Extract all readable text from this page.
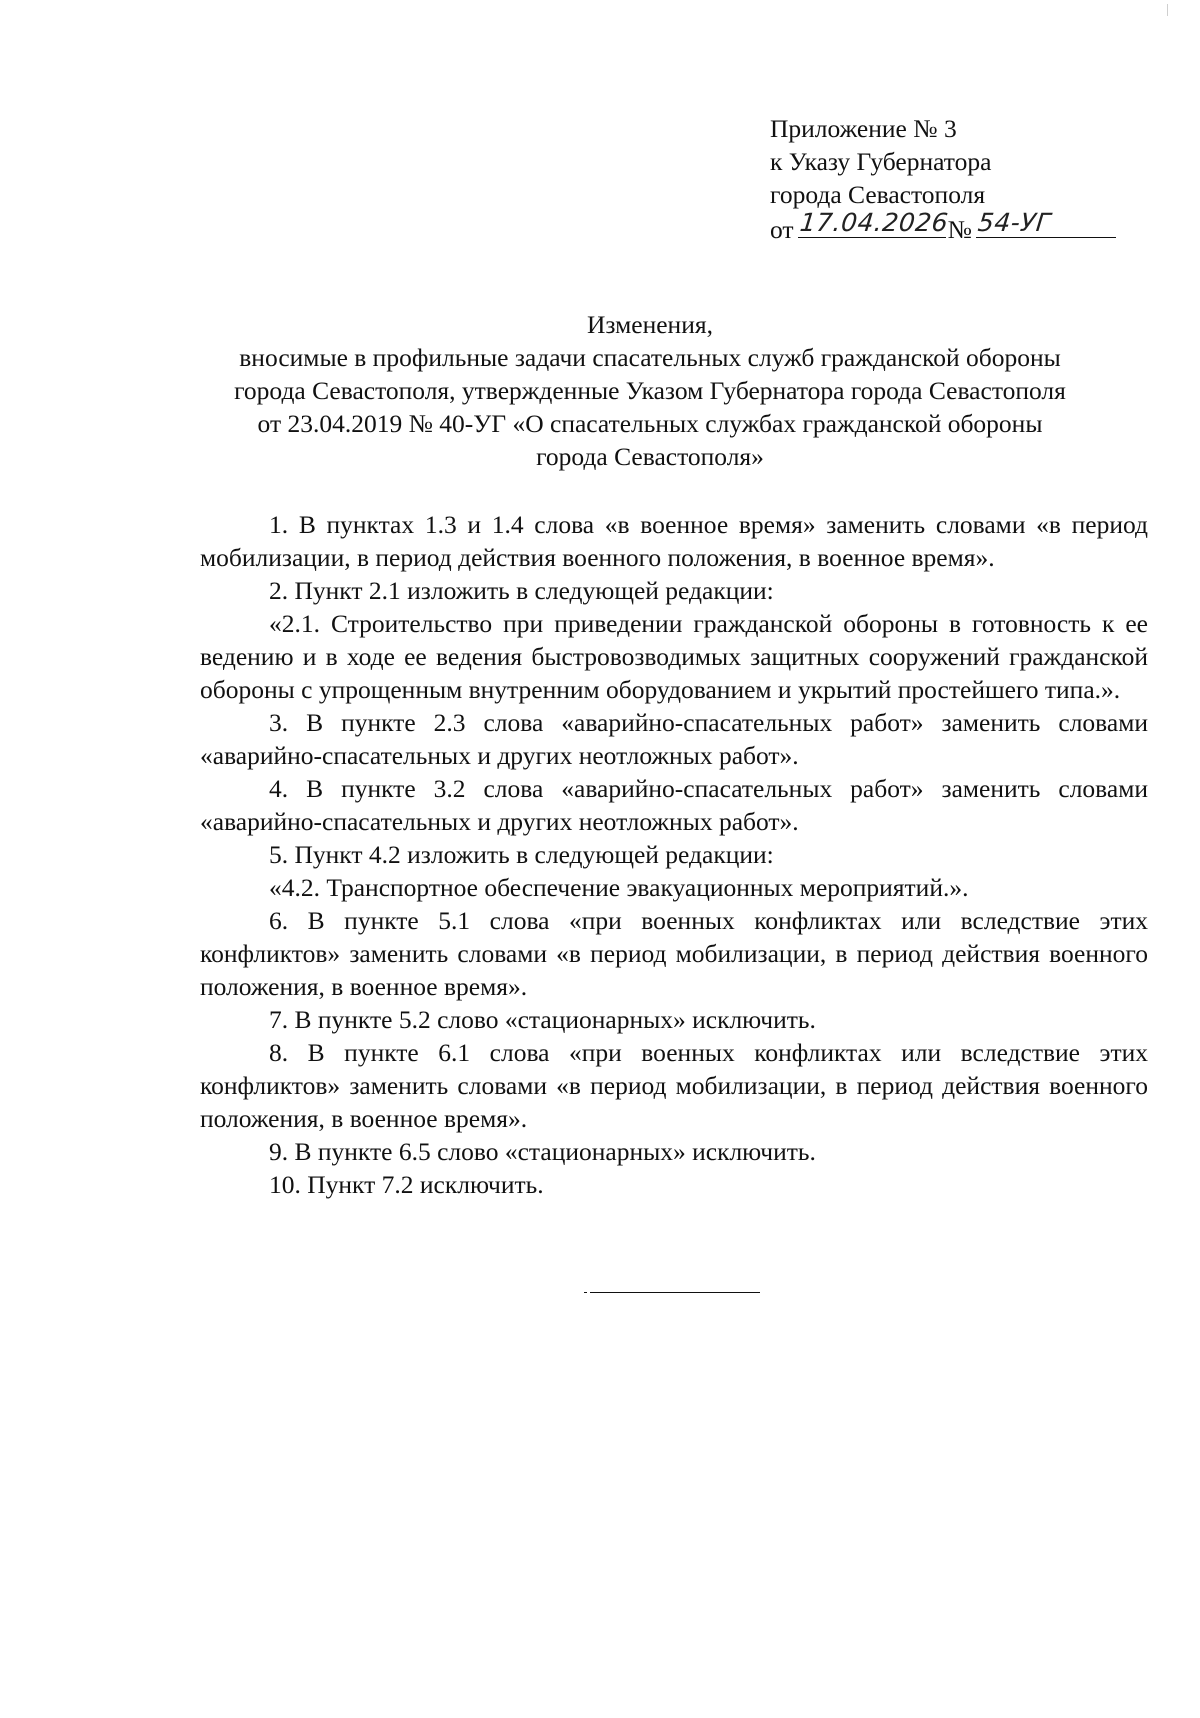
Приложение № 3
к Указу Губернатора
города Севастополя
от 17.04.2026
№ 54-УГ
Изменения,
вносимые в профильные задачи спасательных служб гражданской обороны
города Севастополя, утвержденные Указом Губернатора города Севастополя
от 23.04.2019 № 40-УГ «О спасательных службах гражданской обороны
города Севастополя»

1. В пунктах 1.3 и 1.4 слова «в военное время» заменить словами «в период мобилизации, в период действия военного положения, в военное время».

2. Пункт 2.1 изложить в следующей редакции:

«2.1. Строительство при приведении гражданской обороны в готовность к ее ведению и в ходе ее ведения быстровозводимых защитных сооружений гражданской обороны с упрощенным внутренним оборудованием и укрытий простейшего типа.».

3. В пункте 2.3 слова «аварийно-спасательных работ» заменить словами «аварийно-спасательных и других неотложных работ».

4. В пункте 3.2 слова «аварийно-спасательных работ» заменить словами «аварийно-спасательных и других неотложных работ».

5. Пункт 4.2 изложить в следующей редакции:

«4.2. Транспортное обеспечение эвакуационных мероприятий.».

6. В пункте 5.1 слова «при военных конфликтах или вследствие этих конфликтов» заменить словами «в период мобилизации, в период действия военного положения, в военное время».

7. В пункте 5.2 слово «стационарных» исключить.

8. В пункте 6.1 слова «при военных конфликтах или вследствие этих конфликтов» заменить словами «в период мобилизации, в период действия военного положения, в военное время».

9. В пункте 6.5 слово «стационарных» исключить.

10. Пункт 7.2 исключить.
